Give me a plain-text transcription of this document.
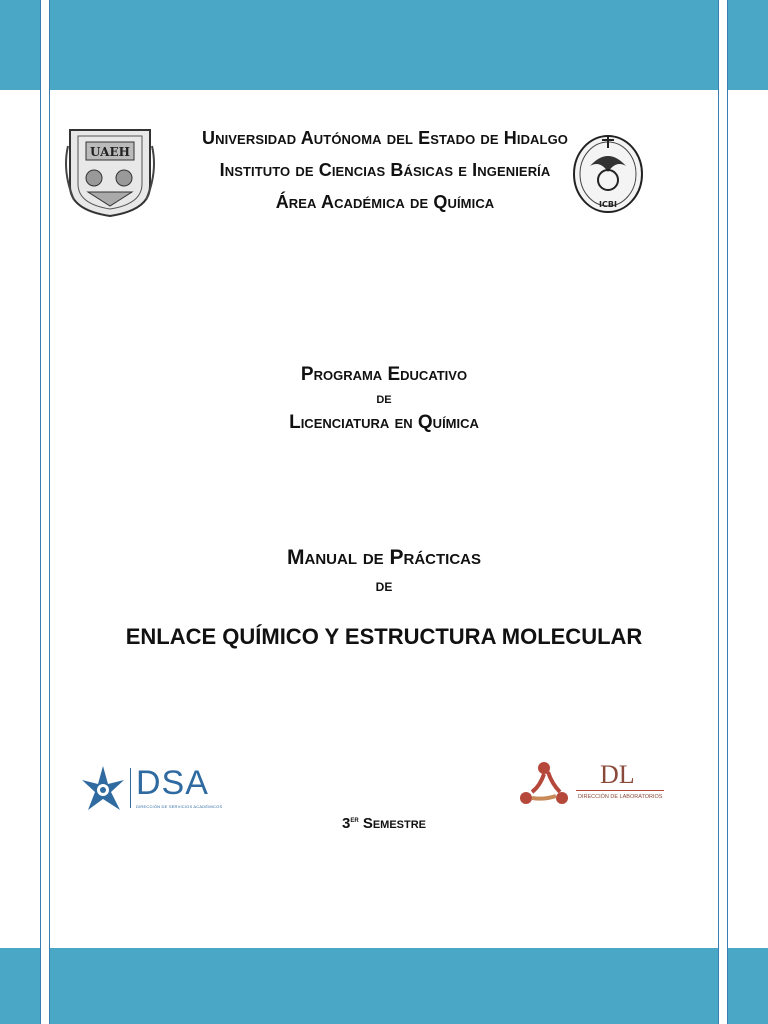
UAEH
ICBI
Universidad Autónoma del Estado de Hidalgo
Instituto de Ciencias Básicas e Ingeniería
Área Académica de Química
Programa Educativo
de
Licenciatura en Química
Manual de Prácticas
de
ENLACE QUÍMICO Y ESTRUCTURA MOLECULAR
DSA
DIRECCIÓN DE SERVICIOS ACADÉMICOS
DL
DIRECCIÓN DE LABORATORIOS
3er Semestre
